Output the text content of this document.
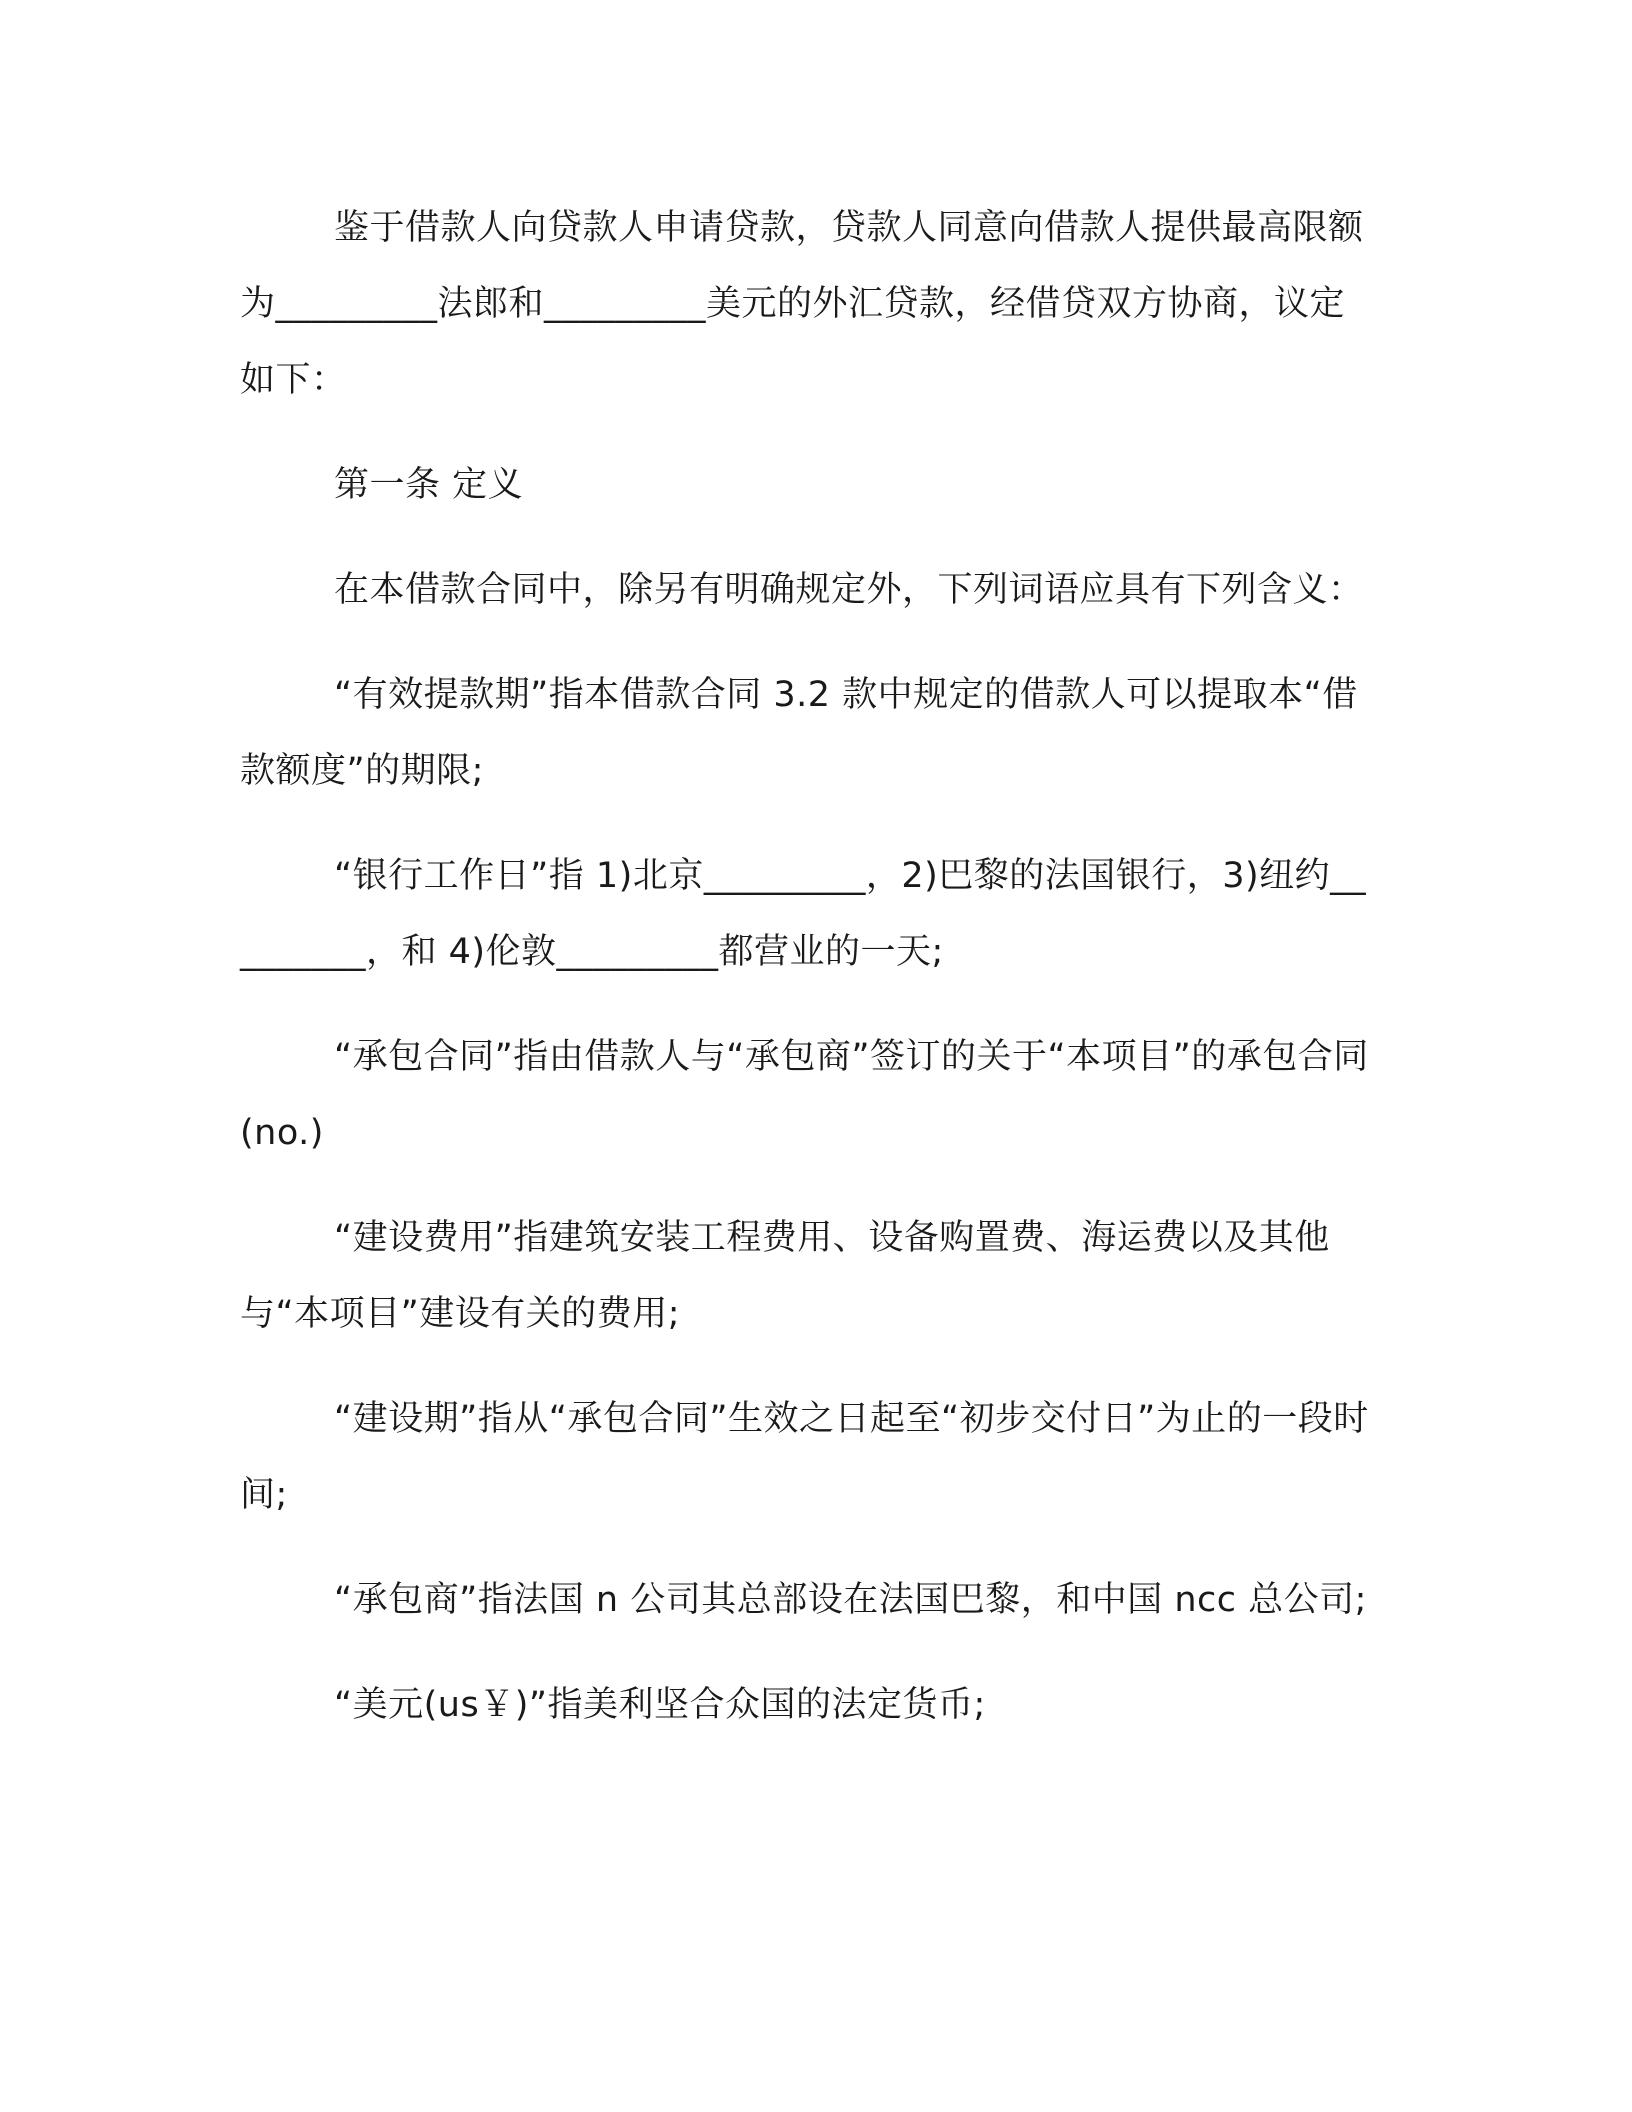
鉴于借款人向贷款人申请贷款，贷款人同意向借款人提供最高限额为_________法郎和_________美元的外汇贷款，经借贷双方协商，议定如下：

第一条 定义

在本借款合同中，除另有明确规定外，下列词语应具有下列含义：

“有效提款期”指本借款合同 3.2 款中规定的借款人可以提取本“借款额度”的期限;

“银行工作日”指 1)北京_________，2)巴黎的法国银行，3)纽约_________，和 4)伦敦_________都营业的一天;

“承包合同”指由借款人与“承包商”签订的关于“本项目”的承包合同(no.)

“建设费用”指建筑安装工程费用、设备购置费、海运费以及其他与“本项目”建设有关的费用;

“建设期”指从“承包合同”生效之日起至“初步交付日”为止的一段时间;

“承包商”指法国 n 公司其总部设在法国巴黎，和中国 ncc 总公司;

“美元(us￥)”指美利坚合众国的法定货币;
